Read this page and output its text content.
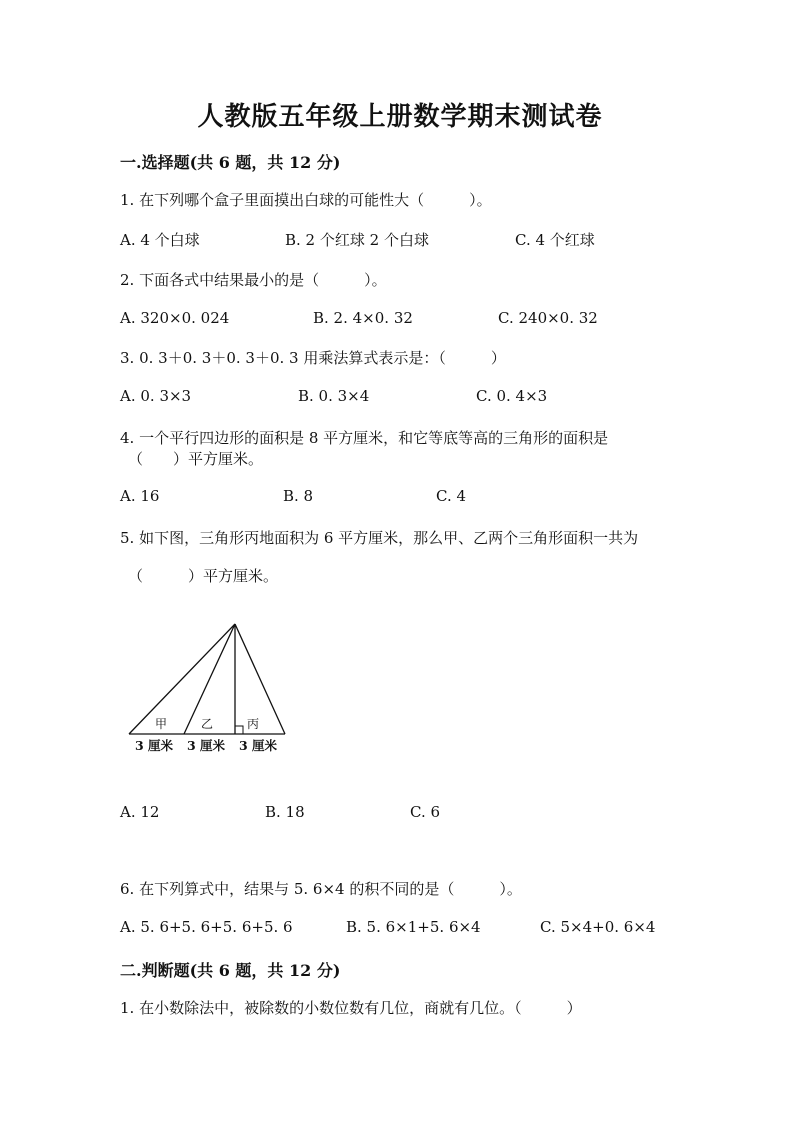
人教版五年级上册数学期末测试卷
一.选择题(共 6 题，共 12 分)
1. 在下列哪个盒子里面摸出白球的可能性大（　　　）。
A. 4 个白球	B. 2 个红球 2 个白球	C. 4 个红球
2. 下面各式中结果最小的是（　　　）。
A. 320×0. 024	B. 2. 4×0. 32	C. 240×0. 32
3. 0. 3＋0. 3＋0. 3＋0. 3 用乘法算式表示是：（　　　）
A. 0. 3×3	B. 0. 3×4	C. 0. 4×3
4. 一个平行四边形的面积是 8 平方厘米，和它等底等高的三角形的面积是
（　　）平方厘米。
A. 16	B. 8	C. 4
5. 如下图，三角形丙地面积为 6 平方厘米，那么甲、乙两个三角形面积一共为
（　　　）平方厘米。
甲	乙	丙
3 厘米 3 厘米 3 厘米
A. 12	B. 18	C. 6
6. 在下列算式中，结果与 5. 6×4 的积不同的是（　　　）。
A. 5. 6+5. 6+5. 6+5. 6	B. 5. 6×1+5. 6×4	C. 5×4+0. 6×4
二.判断题(共 6 题，共 12 分)
1. 在小数除法中，被除数的小数位数有几位，商就有几位。（　　　）
